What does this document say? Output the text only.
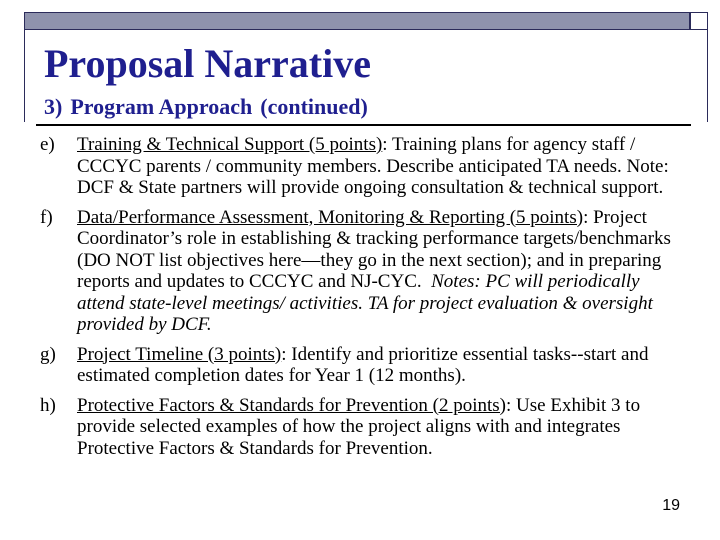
Proposal Narrative
3) Program Approach (continued)
e)	Training & Technical Support (5 points): Training plans for agency staff / CCCYC parents / community members. Describe anticipated TA needs. Note: DCF & State partners will provide ongoing consultation & technical support.
f)	Data/Performance Assessment, Monitoring & Reporting (5 points): Project Coordinator’s role in establishing & tracking performance targets/benchmarks (DO NOT list objectives here—they go in the next section); and in preparing reports and updates to CCCYC and NJ-CYC. Notes: PC will periodically attend state-level meetings/ activities. TA for project evaluation & oversight provided by DCF.
g)	Project Timeline (3 points): Identify and prioritize essential tasks--start and estimated completion dates for Year 1 (12 months).
h)	Protective Factors & Standards for Prevention (2 points): Use Exhibit 3 to provide selected examples of how the project aligns with and integrates Protective Factors & Standards for Prevention.
19
